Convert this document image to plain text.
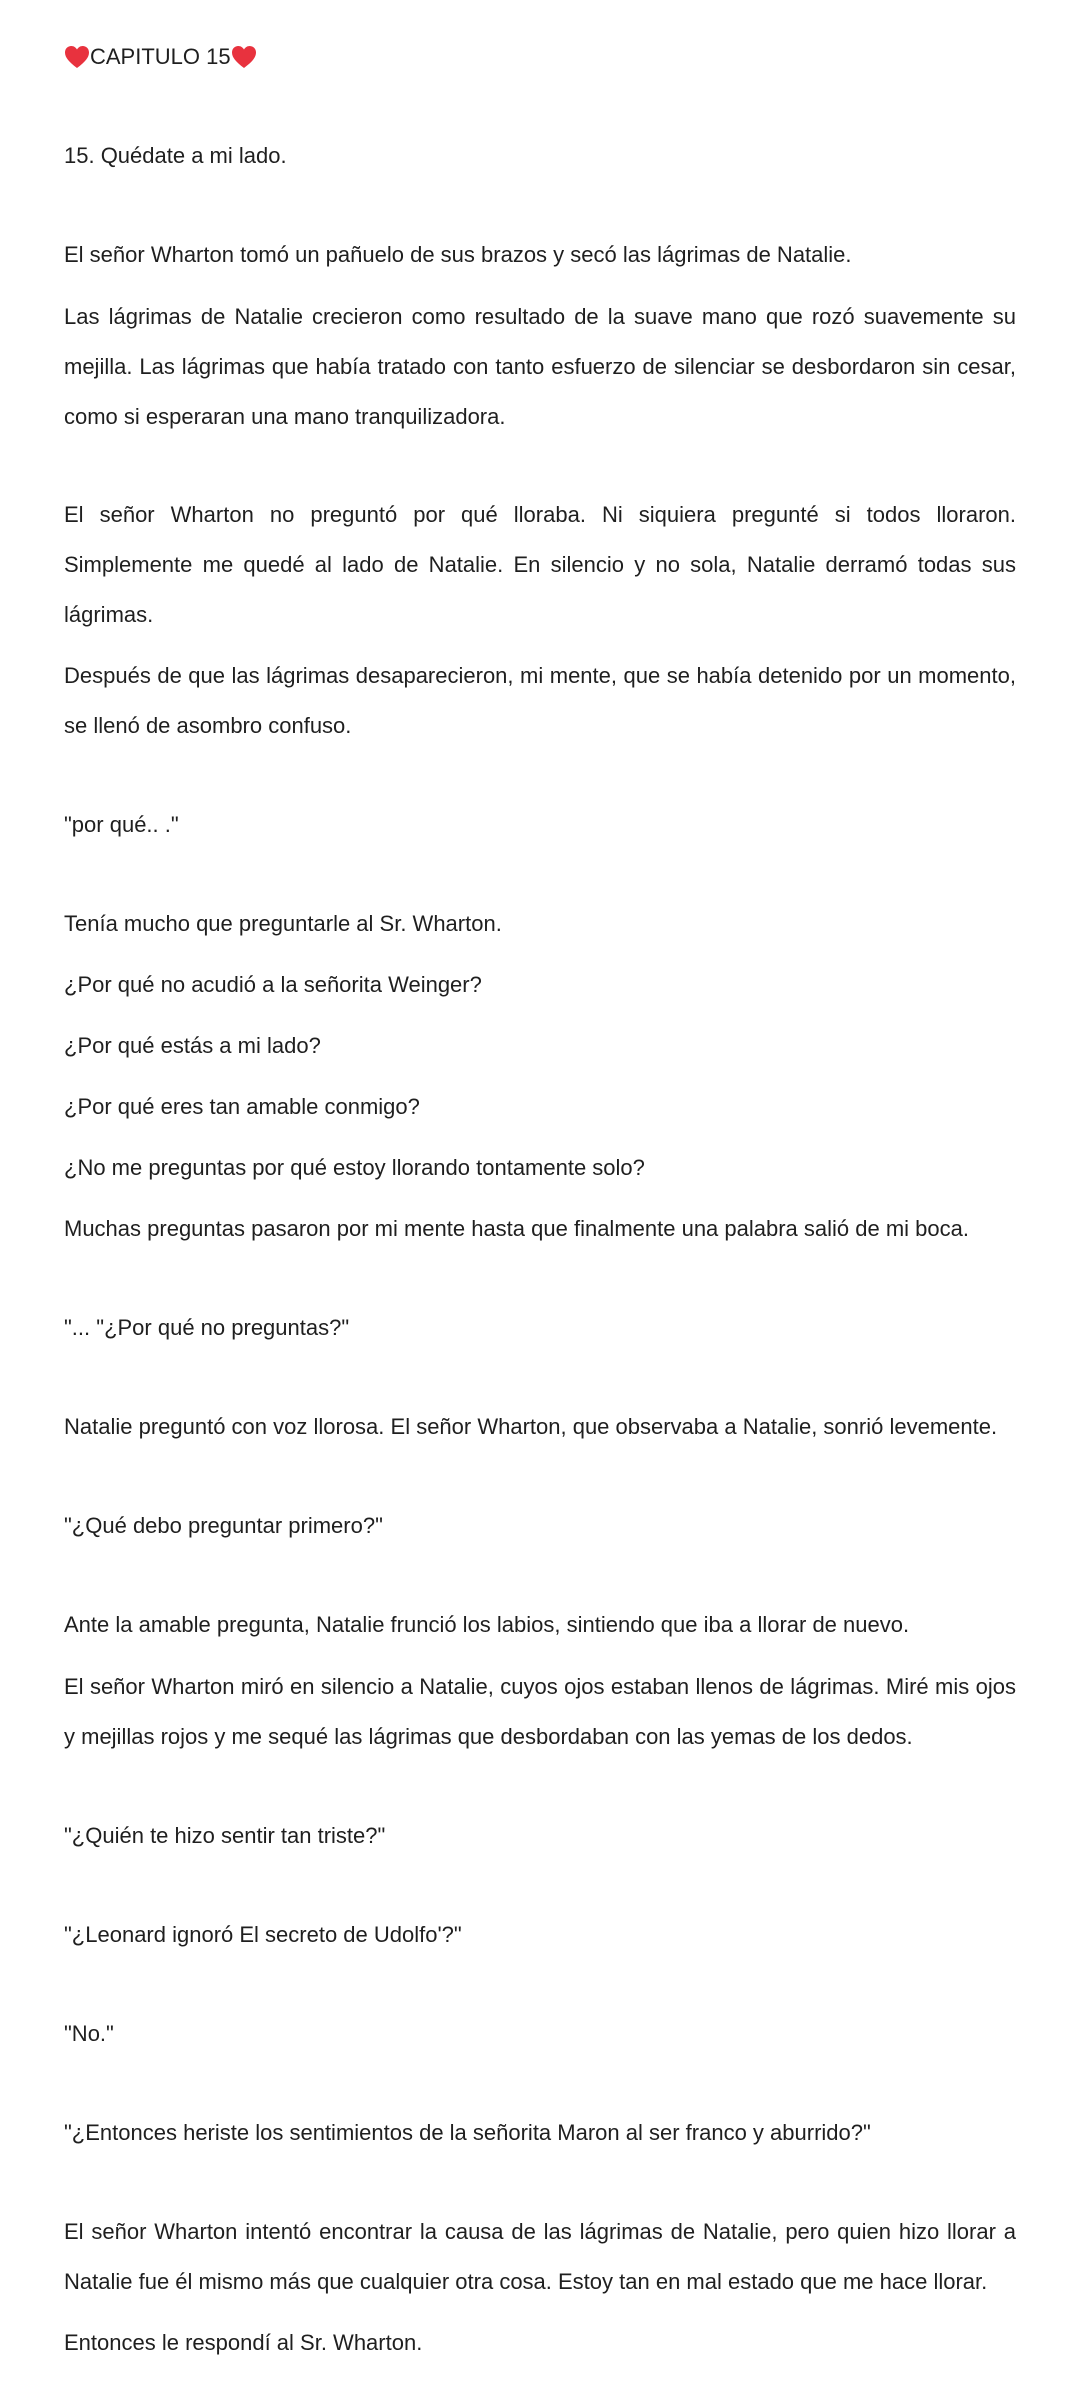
CAPITULO 15

15. Quédate a mi lado.

El señor Wharton tomó un pañuelo de sus brazos y secó las lágrimas de Natalie.

Las lágrimas de Natalie crecieron como resultado de la suave mano que rozó suavemente su mejilla. Las lágrimas que había tratado con tanto esfuerzo de silenciar se desbordaron sin cesar, como si esperaran una mano tranquilizadora.

El señor Wharton no preguntó por qué lloraba. Ni siquiera pregunté si todos lloraron. Simplemente me quedé al lado de Natalie. En silencio y no sola, Natalie derramó todas sus lágrimas.

Después de que las lágrimas desaparecieron, mi mente, que se había detenido por un momento, se llenó de asombro confuso.

"por qué.. ."

Tenía mucho que preguntarle al Sr. Wharton.

¿Por qué no acudió a la señorita Weinger?

¿Por qué estás a mi lado?

¿Por qué eres tan amable conmigo?

¿No me preguntas por qué estoy llorando tontamente solo?

Muchas preguntas pasaron por mi mente hasta que finalmente una palabra salió de mi boca.

"... "¿Por qué no preguntas?"

Natalie preguntó con voz llorosa. El señor Wharton, que observaba a Natalie, sonrió levemente.

"¿Qué debo preguntar primero?"

Ante la amable pregunta, Natalie frunció los labios, sintiendo que iba a llorar de nuevo.

El señor Wharton miró en silencio a Natalie, cuyos ojos estaban llenos de lágrimas. Miré mis ojos y mejillas rojos y me sequé las lágrimas que desbordaban con las yemas de los dedos.

"¿Quién te hizo sentir tan triste?"

"¿Leonard ignoró El secreto de Udolfo'?"

"No."

"¿Entonces heriste los sentimientos de la señorita Maron al ser franco y aburrido?"

El señor Wharton intentó encontrar la causa de las lágrimas de Natalie, pero quien hizo llorar a Natalie fue él mismo más que cualquier otra cosa. Estoy tan en mal estado que me hace llorar.

Entonces le respondí al Sr. Wharton.
